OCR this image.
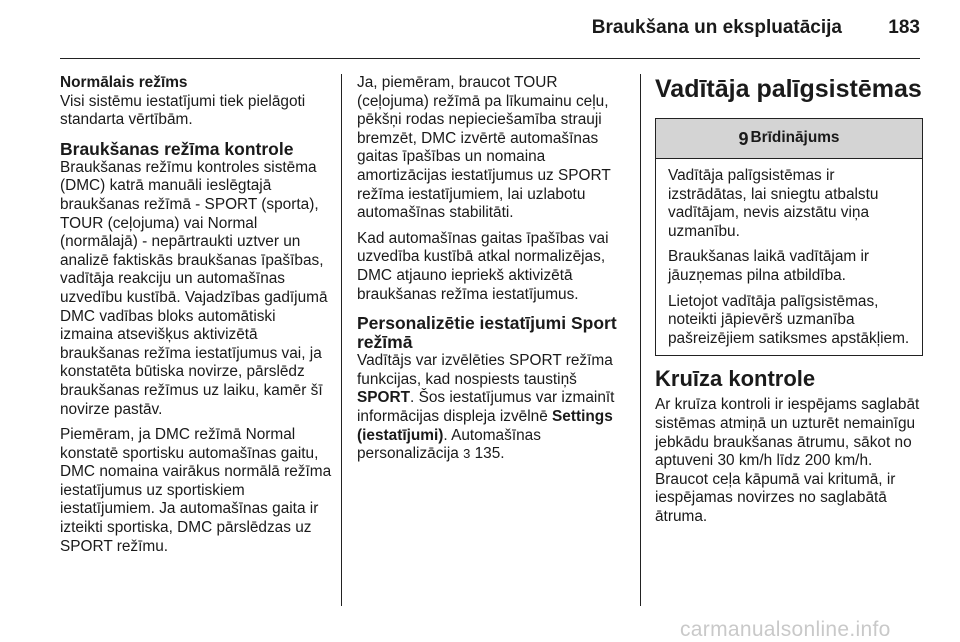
Braukšana un ekspluatācija 183

Normālais režīms
Visi sistēmu iestatījumi tiek pielāgoti standarta vērtībām.

Braukšanas režīma kontrole

Braukšanas režīmu kontroles sistēma (DMC) katrā manuāli ieslēgtajā braukšanas režīmā - SPORT (sporta), TOUR (ceļojuma) vai Normal (normālajā) - nepārtraukti uztver un analizē faktiskās braukšanas īpašības, vadītāja reakciju un automašīnas uzvedību kustībā. Vajadzības gadījumā DMC vadības bloks automātiski izmaina atsevišķus aktivizētā braukšanas režīma iestatījumus vai, ja konstatēta būtiska novirze, pārslēdz braukšanas režīmus uz laiku, kamēr šī novirze pastāv.

Piemēram, ja DMC režīmā Normal konstatē sportisku automašīnas gaitu, DMC nomaina vairākus normālā režīma iestatījumus uz sportiskiem iestatījumiem. Ja automašīnas gaita ir izteikti sportiska, DMC pārslēdzas uz SPORT režīmu.

Ja, piemēram, braucot TOUR (ceļojuma) režīmā pa līkumainu ceļu, pēkšņi rodas nepieciešamība strauji bremzēt, DMC izvērtē automašīnas gaitas īpašības un nomaina amortizācijas iestatījumus uz SPORT režīma iestatījumiem, lai uzlabotu automašīnas stabilitāti.

Kad automašīnas gaitas īpašības vai uzvedība kustībā atkal normalizējas, DMC atjauno iepriekš aktivizētā braukšanas režīma iestatījumus.

Personalizētie iestatījumi Sport režīmā

Vadītājs var izvēlēties SPORT režīma funkcijas, kad nospiests taustiņš SPORT. Šos iestatījumus var izmainīt informācijas displeja izvēlnē Settings (iestatījumi). Automašīnas personalizācija 3 135.

Vadītāja palīgsistēmas
9 Brīdinājums

Vadītāja palīgsistēmas ir izstrādātas, lai sniegtu atbalstu vadītājam, nevis aizstātu viņa uzmanību.

Braukšanas laikā vadītājam ir jāuzņemas pilna atbildība.

Lietojot vadītāja palīgsistēmas, noteikti jāpievērš uzmanība pašreizējiem satiksmes apstākļiem.

Kruīza kontrole

Ar kruīza kontroli ir iespējams saglabāt sistēmas atmiņā un uzturēt nemainīgu jebkādu braukšanas ātrumu, sākot no aptuveni 30 km/h līdz 200 km/h. Braucot ceļa kāpumā vai kritumā, ir iespējamas novirzes no saglabātā ātruma.

carmanualsonline.info
